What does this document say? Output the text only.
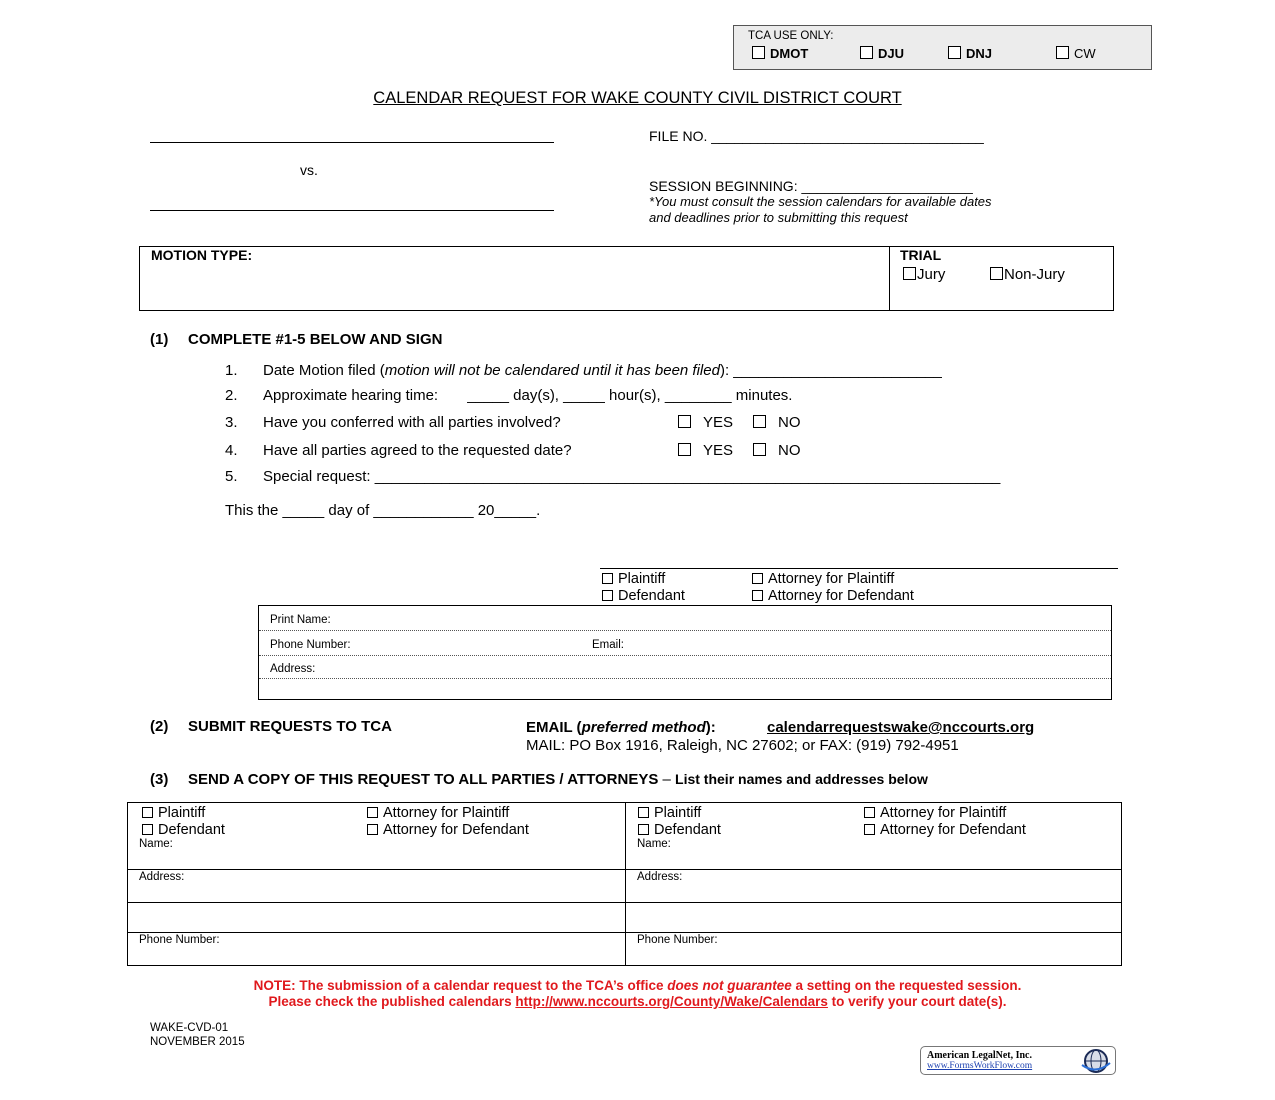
TCA USE ONLY:
DMOT	DJU	DNJ	CW
CALENDAR REQUEST FOR WAKE COUNTY CIVIL DISTRICT COURT
vs.
FILE NO. ___________________________________
SESSION BEGINNING: ______________________
*You must consult the session calendars for available dates
and deadlines prior to submitting this request
MOTION TYPE:	TRIAL
Jury	Non-Jury
(1) COMPLETE #1-5 BELOW AND SIGN
1. Date Motion filed (motion will not be calendared until it has been filed): _________________________
2. Approximate hearing time:       _____ day(s), _____ hour(s), ________ minutes.
3. Have you conferred with all parties involved?	YES	NO
4. Have all parties agreed to the requested date?	YES	NO
5. Special request: ___________________________________________________________________________
This the _____ day of ____________ 20_____.
Plaintiff	Attorney for Plaintiff
Defendant	Attorney for Defendant
Print Name:
Phone Number:	Email:
Address:
(2) SUBMIT REQUESTS TO TCA	EMAIL (preferred method):	calendarrequestswake@nccourts.org
MAIL: PO Box 1916, Raleigh, NC 27602; or FAX: (919) 792-4951
(3) SEND A COPY OF THIS REQUEST TO ALL PARTIES / ATTORNEYS – List their names and addresses below
Plaintiff	Attorney for Plaintiff
Defendant	Attorney for Defendant
Name:
Address:
Phone Number:
Plaintiff	Attorney for Plaintiff
Defendant	Attorney for Defendant
Name:
Address:
Phone Number:
NOTE: The submission of a calendar request to the TCA’s office does not guarantee a setting on the requested session.
Please check the published calendars http://www.nccourts.org/County/Wake/Calendars to verify your court date(s).
WAKE-CVD-01
NOVEMBER 2015
American LegalNet, Inc.
www.FormsWorkFlow.com
